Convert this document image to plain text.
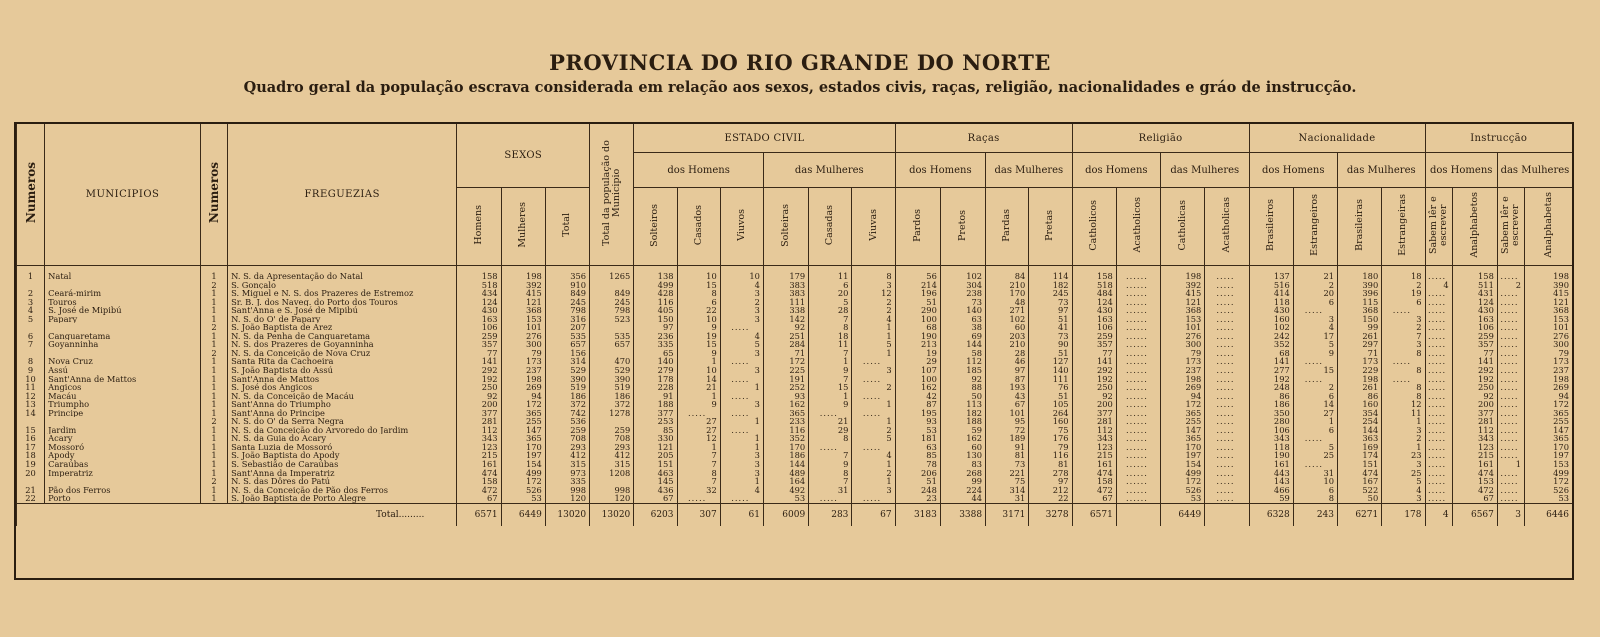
PROVINCIA DO RIO GRANDE DO NORTE
Quadro geral da população escrava considerada em relação aos sexos, estados civis, raças, religião, nacionalidades e gráo de instrucção.
Numeros	MUNICIPIOS	Numeros	FREGUEZIAS	SEXOS			Total da população do Municipio	ESTADO CIVIL						Raças				Religião				Nacionalidade				Instrucção			
								dos Homens			das Mulheres			dos Homens		das Mulheres		dos Homens		das Mulheres		dos Homens		das Mulheres		dos Homens		das Mulheres	
				Homens	Mulheres	Total		Solteiros	Casados	Viuvos	Solteiras	Casadas	Viuvas	Pardos	Pretos	Pardas	Pretas	Catholicos	Acatholicos	Catholicas	Acatholicas	Brasileiros	Estrangeiros	Brasileiras	Estrangeiras	Sabem lêr e escrever	Analphabetos	Sabem lêr e escrever	Analphabetas
1	Natal	1	N. S. da Apresentação do Natal	158	198	356	1265	138	10	10	179	11	8	56	102	84	114	158	......	198	.....	137	21	180	18	.....	158	.....	198
		2	S. Gonçalo	518	392	910		499	15	4	383	6	3	214	304	210	182	518	......	392	.....	516	2	390	2	4	511	2	390
2	Ceará-mirim	1	S. Miguel e N. S. dos Prazeres de Estremoz	434	415	849	849	428	8	3	383	20	12	196	238	170	245	484	......	415	.....	414	20	396	19	.....	431	.....	415
3	Touros	1	Sr. B. J. dos Naveg. do Porto dos Touros	124	121	245	245	116	6	2	111	5	2	51	73	48	73	124	......	121	.....	118	6	115	6	.....	124	.....	121
4	S. José de Mipibú	1	Sant'Anna e S. José de Mipibú	430	368	798	798	405	22	3	338	28	2	290	140	271	97	430	......	368	.....	430	.....	368	.....	.....	430	.....	368
5	Papary	1	N. S. do O' de Papary	163	153	316	523	150	10	3	142	7	4	100	63	102	51	163	......	153	.....	160	3	150	3	.....	163	.....	153
		2	S. João Baptista de Arez	106	101	207		97	9	.....	92	8	1	68	38	60	41	106	......	101	.....	102	4	99	2	.....	106	.....	101
6	Canguaretama	1	N. S. da Penha de Canguaretama	259	276	535	535	236	19	4	251	18	1	190	69	203	73	259	......	276	.....	242	17	261	7	.....	259	.....	276
7	Goyanninha	1	N. S. dos Prazeres de Goyanninha	357	300	657	657	335	15	5	284	11	5	213	144	210	90	357	......	300	.....	352	5	297	3	.....	357	.....	300
		2	N. S. da Conceição de Nova Cruz	77	79	156		65	9	3	71	7	1	19	58	28	51	77	......	79	.....	68	9	71	8	.....	77	.....	79
8	Nova Cruz	1	Santa Rita da Cachoeira	141	173	314	470	140	1	.....	172	1	.....	29	112	46	127	141	......	173	.....	141	.....	173	.....	.....	141	.....	173
9	Assú	1	S. João Baptista do Assú	292	237	529	529	279	10	3	225	9	3	107	185	97	140	292	......	237	.....	277	15	229	8	.....	292	.....	237
10	Sant'Anna de Mattos	1	Sant'Anna de Mattos	192	198	390	390	178	14	.....	191	7	.....	100	92	87	111	192	......	198	.....	192	.....	198	.....	.....	192	.....	198
11	Angicos	1	S. José dos Angicos	250	269	519	519	228	21	1	252	15	2	162	88	193	76	250	......	269	.....	248	2	261	8	.....	250	.....	269
12	Macáu	1	N. S. da Conceição de Macáu	92	94	186	186	91	1	.....	93	1	.....	42	50	43	51	92	......	94	.....	86	6	86	8	.....	92	.....	94
13	Triumpho	1	Sant'Anna do Triumpho	200	172	372	372	188	9	3	162	9	1	87	113	67	105	200	......	172	.....	186	14	160	12	.....	200	.....	172
14	Principe	1	Sant'Anna do Principe	377	365	742	1278	377	.....	.....	365	.....	.....	195	182	101	264	377	......	365	.....	350	27	354	11	.....	377	.....	365
		2	N. S. do O' da Serra Negra	281	255	536		253	27	1	233	21	1	93	188	95	160	281	......	255	.....	280	1	254	1	.....	281	.....	255
15	Jardim	1	N. S. da Conceição do Arvoredo do Jardim	112	147	259	259	85	27	.....	116	29	2	53	59	72	75	112	......	147	.....	106	6	144	3	.....	112	.....	147
16	Acary	1	N. S. da Guia do Acary	343	365	708	708	330	12	1	352	8	5	181	162	189	176	343	......	365	.....	343	.....	363	2	.....	343	.....	365
17	Mossoró	1	Santa Luzia de Mossoró	123	170	293	293	121	1	1	170	.....	.....	63	60	91	79	123	......	170	.....	118	5	169	1	.....	123	.....	170
18	Apody	1	S. João Baptista do Apody	215	197	412	412	205	7	3	186	7	4	85	130	81	116	215	......	197	.....	190	25	174	23	.....	215	.....	197
19	Caraúbas	1	S. Sebastião de Caraúbas	161	154	315	315	151	7	3	144	9	1	78	83	73	81	161	......	154	.....	161	.....	151	3	.....	161	1	153
20	Imperatriz	1	Sant'Anna da Imperatriz	474	499	973	1208	463	8	3	489	8	2	206	268	221	278	474	......	499	.....	443	31	474	25	.....	474	.....	499
		2	N. S. das Dôres do Patú	158	172	335		145	7	1	164	7	1	51	99	75	97	158	......	172	.....	143	10	167	5	.....	153	.....	172
21	Pão dos Ferros	1	N. S. da Conceição de Pão dos Ferros	472	526	998	998	436	32	4	492	31	3	248	224	314	212	472	......	526	.....	466	6	522	4	.....	472	.....	526
22	Porto	1	S. João Baptista de Porto Alegre	67	53	120	120	67	.....	.....	53	.....	.....	23	44	31	22	67	......	53	.....	59	8	50	3	.....	67	.....	53
Total.........				6571	6449	13020	13020	6203	307	61	6009	283	67	3183	3388	3171	3278	6571		6449		6328	243	6271	178	4	6567	3	6446
